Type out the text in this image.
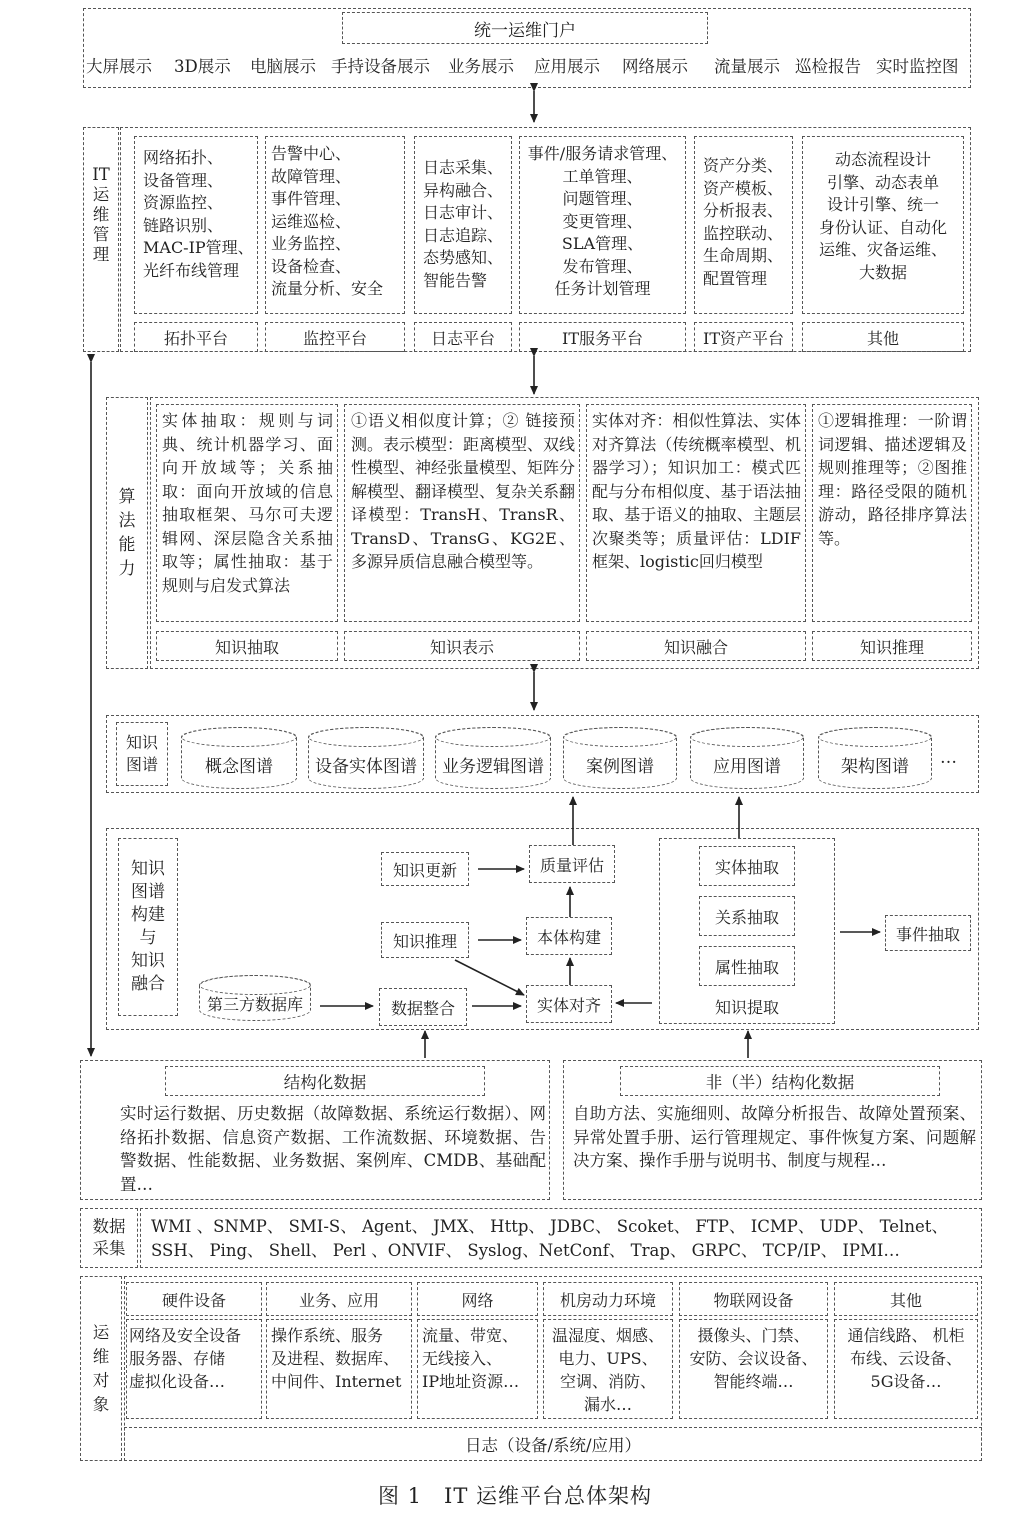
统一运维门户
大屏展示 3D展示 电脑展示 手持设备展示 业务展示 应用展示 网络展示 流量展示 巡检报告 实时监控图
IT运维管理
网络拓扑、
设备管理、
资源监控、
链路识别、
MAC-IP管理、
光纤布线管理
拓扑平台
告警中心、
故障管理、
事件管理、
运维巡检、
业务监控、
设备检查、
流量分析、安全
监控平台
日志采集、
异构融合、
日志审计、
日志追踪、
态势感知、
智能告警
日志平台
事件/服务请求管理、
工单管理、
问题管理、
变更管理、
SLA管理、
发布管理、
任务计划管理
IT服务平台
资产分类、
资产模板、
分析报表、
监控联动、
生命周期、
配置管理
IT资产平台
动态流程设计
引擎、动态表单
设计引擎、统一
身份认证、自动化
运维、灾备运维、
大数据
其他
算法能力
实体抽取：规则与词典、统计机器学习、面向开放域等；关系抽取：面向开放域的信息抽取框架、马尔可夫逻辑网、深层隐含关系抽取等；属性抽取：基于规则与启发式算法
知识抽取
①语义相似度计算；② 链接预测。表示模型：距离模型、双线性模型、神经张量模型、矩阵分解模型、翻译模型、复杂关系翻译模型：TransH、TransR、TransD、TransG、KG2E、多源异质信息融合模型等。
知识表示
实体对齐：相似性算法、实体对齐算法（传统概率模型、机器学习）；知识加工：模式匹配与分布相似度、基于语法抽取、基于语义的抽取、主题层次聚类等；质量评估：LDIF框架、logistic回归模型
知识融合
①逻辑推理：一阶谓词逻辑、描述逻辑及规则推理等；②图推理：路径受限的随机游动，路径排序算法等。
知识推理
知识
图谱	概念图谱 设备实体图谱 业务逻辑图谱 案例图谱	应用图谱	架构图谱 …
知识
图谱
构建
与
知识
融合
知识更新	质量评估
知识推理	本体构建
第三方数据库	数据整合	实体对齐
实体抽取
关系抽取
属性抽取
知识提取
事件抽取
结构化数据
实时运行数据、历史数据（故障数据、系统运行数据）、网络拓扑数据、信息资产数据、工作流数据、环境数据、告警数据、性能数据、业务数据、案例库、CMDB、基础配置…
非（半）结构化数据
自助方法、实施细则、故障分析报告、故障处置预案、异常处置手册、运行管理规定、事件恢复方案、问题解决方案、操作手册与说明书、制度与规程…
数据
采集
WMI 、SNMP、 SMI-S、 Agent、 JMX、 Http、 JDBC、 Scoket、 FTP、 ICMP、 UDP、 Telnet、
SSH、 Ping、 Shell、 Perl 、ONVIF、 Syslog、NetConf、 Trap、 GRPC、 TCP/IP、 IPMI…
运维对象
硬件设备
网络及安全设备
服务器、存储
虚拟化设备…
业务、应用
操作系统、服务
及进程、数据库、
中间件、Internet
网络
流量、带宽、
无线接入、
IP地址资源…
机房动力环境
温湿度、烟感、
电力、UPS、
空调、消防、
漏水…
物联网设备
摄像头、门禁、
安防、会议设备、
智能终端…
其他
通信线路、 机柜
布线、云设备、
5G设备…
日志（设备/系统/应用）
图 1　IT 运维平台总体架构
